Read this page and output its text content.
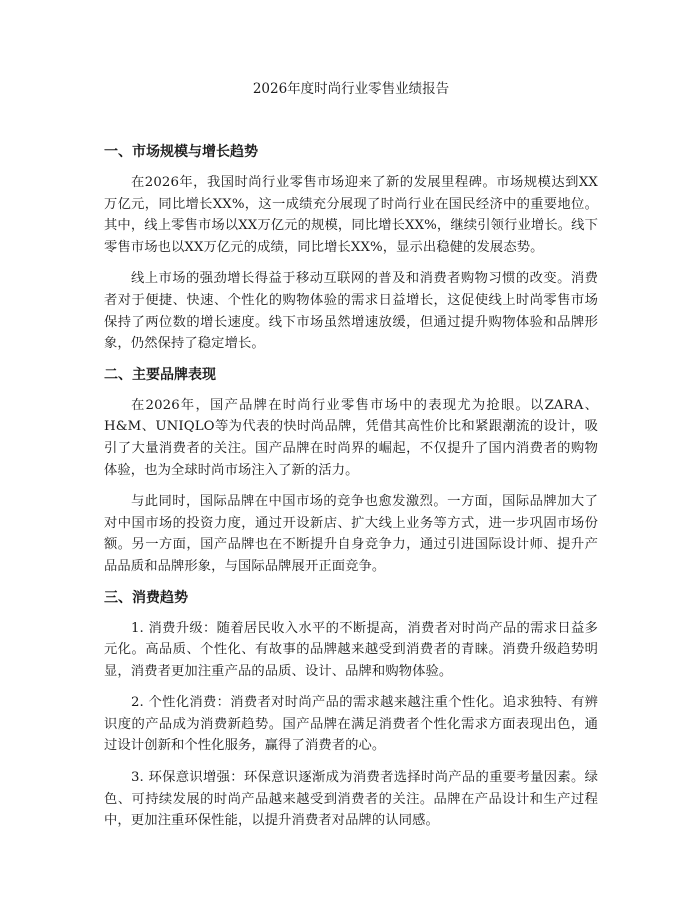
2026年度时尚行业零售业绩报告
一、市场规模与增长趋势

在2026年，我国时尚行业零售市场迎来了新的发展里程碑。市场规模达到XX万亿元，同比增长XX%，这一成绩充分展现了时尚行业在国民经济中的重要地位。其中，线上零售市场以XX万亿元的规模，同比增长XX%，继续引领行业增长。线下零售市场也以XX万亿元的成绩，同比增长XX%，显示出稳健的发展态势。

线上市场的强劲增长得益于移动互联网的普及和消费者购物习惯的改变。消费者对于便捷、快速、个性化的购物体验的需求日益增长，这促使线上时尚零售市场保持了两位数的增长速度。线下市场虽然增速放缓，但通过提升购物体验和品牌形象，仍然保持了稳定增长。

二、主要品牌表现

在2026年，国产品牌在时尚行业零售市场中的表现尤为抢眼。以ZARA、H&M、UNIQLO等为代表的快时尚品牌，凭借其高性价比和紧跟潮流的设计，吸引了大量消费者的关注。国产品牌在时尚界的崛起，不仅提升了国内消费者的购物体验，也为全球时尚市场注入了新的活力。

与此同时，国际品牌在中国市场的竞争也愈发激烈。一方面，国际品牌加大了对中国市场的投资力度，通过开设新店、扩大线上业务等方式，进一步巩固市场份额。另一方面，国产品牌也在不断提升自身竞争力，通过引进国际设计师、提升产品品质和品牌形象，与国际品牌展开正面竞争。

三、消费趋势

1. 消费升级：随着居民收入水平的不断提高，消费者对时尚产品的需求日益多元化。高品质、个性化、有故事的品牌越来越受到消费者的青睐。消费升级趋势明显，消费者更加注重产品的品质、设计、品牌和购物体验。

2. 个性化消费：消费者对时尚产品的需求越来越注重个性化。追求独特、有辨识度的产品成为消费新趋势。国产品牌在满足消费者个性化需求方面表现出色，通过设计创新和个性化服务，赢得了消费者的心。

3. 环保意识增强：环保意识逐渐成为消费者选择时尚产品的重要考量因素。绿色、可持续发展的时尚产品越来越受到消费者的关注。品牌在产品设计和生产过程中，更加注重环保性能，以提升消费者对品牌的认同感。
